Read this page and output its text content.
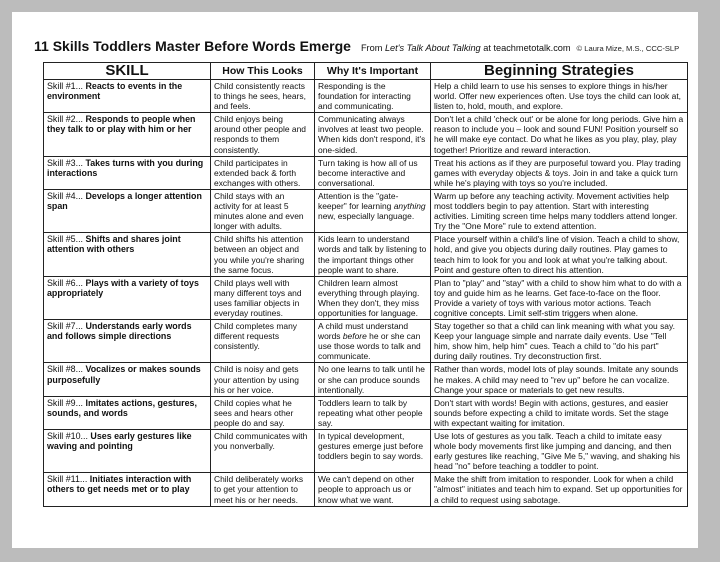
11 Skills Toddlers Master Before Words Emerge From Let's Talk About Talking at teachmetotalk.com © Laura Mize, M.S., CCC-SLP
SKILL	How This Looks	Why It's Important	Beginning Strategies
Skill #1... Reacts to events in the environment	Child consistently reacts to things he sees, hears, and feels.	Responding is the foundation for interacting and communicating.	Help a child learn to use his senses to explore things in his/her world. Offer new experiences often. Use toys the child can look at, listen to, hold, mouth, and explore.
Skill #2... Responds to people when they talk to or play with him or her	Child enjoys being around other people and responds to them consistently.	Communicating always involves at least two people. When kids don't respond, it's one-sided.	Don't let a child 'check out' or be alone for long periods. Give him a reason to include you – look and sound FUN! Position yourself so he will make eye contact. Do what he likes as you play, play, play together! Prioritize and reward interaction.
Skill #3... Takes turns with you during interactions	Child participates in extended back & forth exchanges with others.	Turn taking is how all of us become interactive and conversational.	Treat his actions as if they are purposeful toward you. Play trading games with everyday objects & toys. Join in and take a quick turn while he's playing with toys so you're included.
Skill #4... Develops a longer attention span	Child stays with an activity for at least 5 minutes alone and even longer with adults.	Attention is the "gate-keeper" for learning anything new, especially language.	Warm up before any teaching activity. Movement activities help most toddlers begin to pay attention. Start with interesting activities. Limiting screen time helps many toddlers attend longer. Try the "One More" rule to extend attention.
Skill #5... Shifts and shares joint attention with others	Child shifts his attention between an object and you while you're sharing the same focus.	Kids learn to understand words and talk by listening to the important things other people want to share.	Place yourself within a child's line of vision. Teach a child to show, hold, and give you objects during daily routines. Play games to teach him to look for you and look at what you're talking about. Point and gesture often to direct his attention.
Skill #6... Plays with a variety of toys appropriately	Child plays well with many different toys and uses familiar objects in everyday routines.	Children learn almost everything through playing. When they don't, they miss opportunities for language.	Plan to "play" and "stay" with a child to show him what to do with a toy and guide him as he learns. Get face-to-face on the floor. Provide a variety of toys with various motor actions. Teach cognitive concepts. Limit self-stim triggers when alone.
Skill #7... Understands early words and follows simple directions	Child completes many different requests consistently.	A child must understand words before he or she can use those words to talk and communicate.	Stay together so that a child can link meaning with what you say. Keep your language simple and narrate daily events. Use "Tell him, show him, help him" cues. Teach a child to "do his part" during daily routines. Try deconstruction first.
Skill #8... Vocalizes or makes sounds purposefully	Child is noisy and gets your attention by using his or her voice.	No one learns to talk until he or she can produce sounds intentionally.	Rather than words, model lots of play sounds. Imitate any sounds he makes. A child may need to "rev up" before he can vocalize. Change your space or materials to get new results.
Skill #9... Imitates actions, gestures, sounds, and words	Child copies what he sees and hears other people do and say.	Toddlers learn to talk by repeating what other people say.	Don't start with words! Begin with actions, gestures, and easier sounds before expecting a child to imitate words. Set the stage with expectant waiting for imitation.
Skill #10... Uses early gestures like waving and pointing	Child communicates with you nonverbally.	In typical development, gestures emerge just before toddlers begin to say words.	Use lots of gestures as you talk. Teach a child to imitate easy whole body movements first like jumping and dancing, and then early gestures like reaching, "Give Me 5," waving, and shaking his head "no" before teaching a toddler to point.
Skill #11... Initiates interaction with others to get needs met or to play	Child deliberately works to get your attention to meet his or her needs.	We can't depend on other people to approach us or know what we want.	Make the shift from imitation to responder. Look for when a child "almost" initiates and teach him to expand. Set up opportunities for a child to request using sabotage.
